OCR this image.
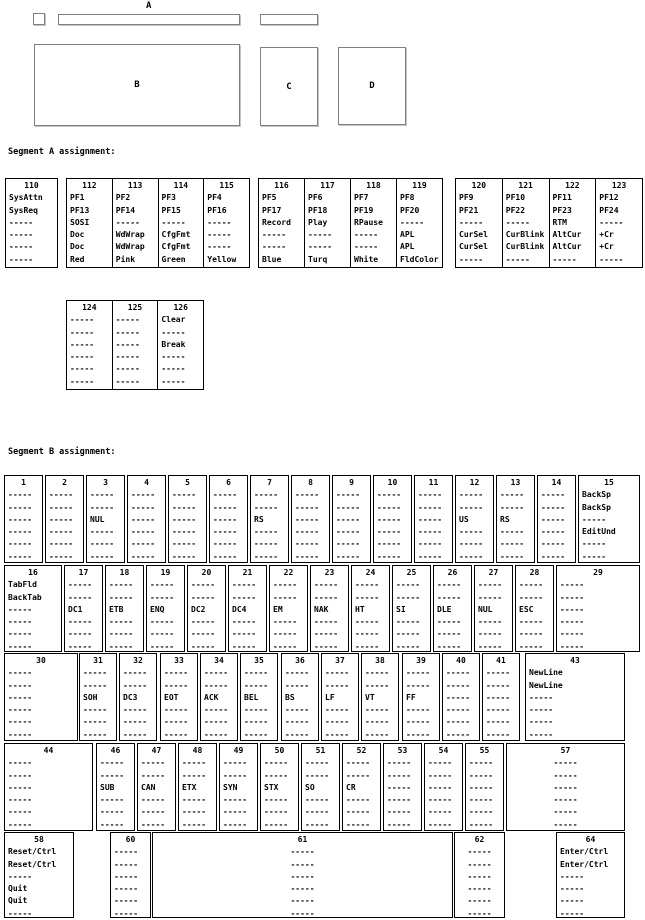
A
B	C	D
Segment A assignment:
Segment B assignment:
110
SysAttn
SysReq
-----
-----
-----
-----
112
PF1
PF13
SOSI
Doc
Doc
Red
113
PF2
PF14
-----
WdWrap
WdWrap
Pink
114
PF3
PF15
-----
CfgFmt
CfgFmt
Green
115
PF4
PF16
-----
-----
-----
Yellow
116
PF5
PF17
Record
-----
-----
Blue
117
PF6
PF18
Play
-----
-----
Turq
118
PF7
PF19
RPause
-----
-----
White
119
PF8
PF20
-----
APL
APL
FldColor
120
PF9
PF21
-----
CurSel
CurSel
-----
121
PF10
PF22
-----
CurBlink
CurBlink
-----
122
PF11
PF23
RTM
AltCur
AltCur
-----
123
PF12
PF24
-----
+Cr
+Cr
-----
124
-----
-----
-----
-----
-----
-----
125
-----
-----
-----
-----
-----
-----
126
Clear
-----
Break
-----
-----
-----
1
-----
-----
-----
-----
-----
-----
2
-----
-----
-----
-----
-----
-----
3
-----
-----
NUL
-----
-----
-----
4
-----
-----
-----
-----
-----
-----
5
-----
-----
-----
-----
-----
-----
6
-----
-----
-----
-----
-----
-----
7
-----
-----
RS
-----
-----
-----
8
-----
-----
-----
-----
-----
-----
9
-----
-----
-----
-----
-----
-----
10
-----
-----
-----
-----
-----
-----
11
-----
-----
-----
-----
-----
-----
12
-----
-----
US
-----
-----
-----
13
-----
-----
RS
-----
-----
-----
14
-----
-----
-----
-----
-----
-----
15
BackSp
BackSp
-----
EditUnd
-----
-----
16
TabFld
BackTab
-----
-----
-----
-----
17
-----
-----
DC1
-----
-----
-----
18
-----
-----
ETB
-----
-----
-----
19
-----
-----
ENQ
-----
-----
-----
20
-----
-----
DC2
-----
-----
-----
21
-----
-----
DC4
-----
-----
-----
22
-----
-----
EM
-----
-----
-----
23
-----
-----
NAK
-----
-----
-----
24
-----
-----
HT
-----
-----
-----
25
-----
-----
SI
-----
-----
-----
26
-----
-----
DLE
-----
-----
-----
27
-----
-----
NUL
-----
-----
-----
28
-----
-----
ESC
-----
-----
-----
29
-----
-----
-----
-----
-----
-----
30
-----
-----
-----
-----
-----
-----
31
-----
-----
SOH
-----
-----
-----
32
-----
-----
DC3
-----
-----
-----
33
-----
-----
EOT
-----
-----
-----
34
-----
-----
ACK
-----
-----
-----
35
-----
-----
BEL
-----
-----
-----
36
-----
-----
BS
-----
-----
-----
37
-----
-----
LF
-----
-----
-----
38
-----
-----
VT
-----
-----
-----
39
-----
-----
FF
-----
-----
-----
40
-----
-----
-----
-----
-----
-----
41
-----
-----
-----
-----
-----
-----
43
NewLine
NewLine
-----
-----
-----
-----
44
-----
-----
-----
-----
-----
-----
46
-----
-----
SUB
-----
-----
-----
47
-----
-----
CAN
-----
-----
-----
48
-----
-----
ETX
-----
-----
-----
49
-----
-----
SYN
-----
-----
-----
50
-----
-----
STX
-----
-----
-----
51
-----
-----
SO
-----
-----
-----
52
-----
-----
CR
-----
-----
-----
53
-----
-----
-----
-----
-----
-----
54
-----
-----
-----
-----
-----
-----
55
-----
-----
-----
-----
-----
-----
57
-----
-----
-----
-----
-----
-----
58
Reset/Ctrl
Reset/Ctrl
-----
Quit
Quit
-----
60
-----
-----
-----
-----
-----
-----
61
-----
-----
-----
-----
-----
-----
62
-----
-----
-----
-----
-----
-----
64
Enter/Ctrl
Enter/Ctrl
-----
-----
-----
-----
